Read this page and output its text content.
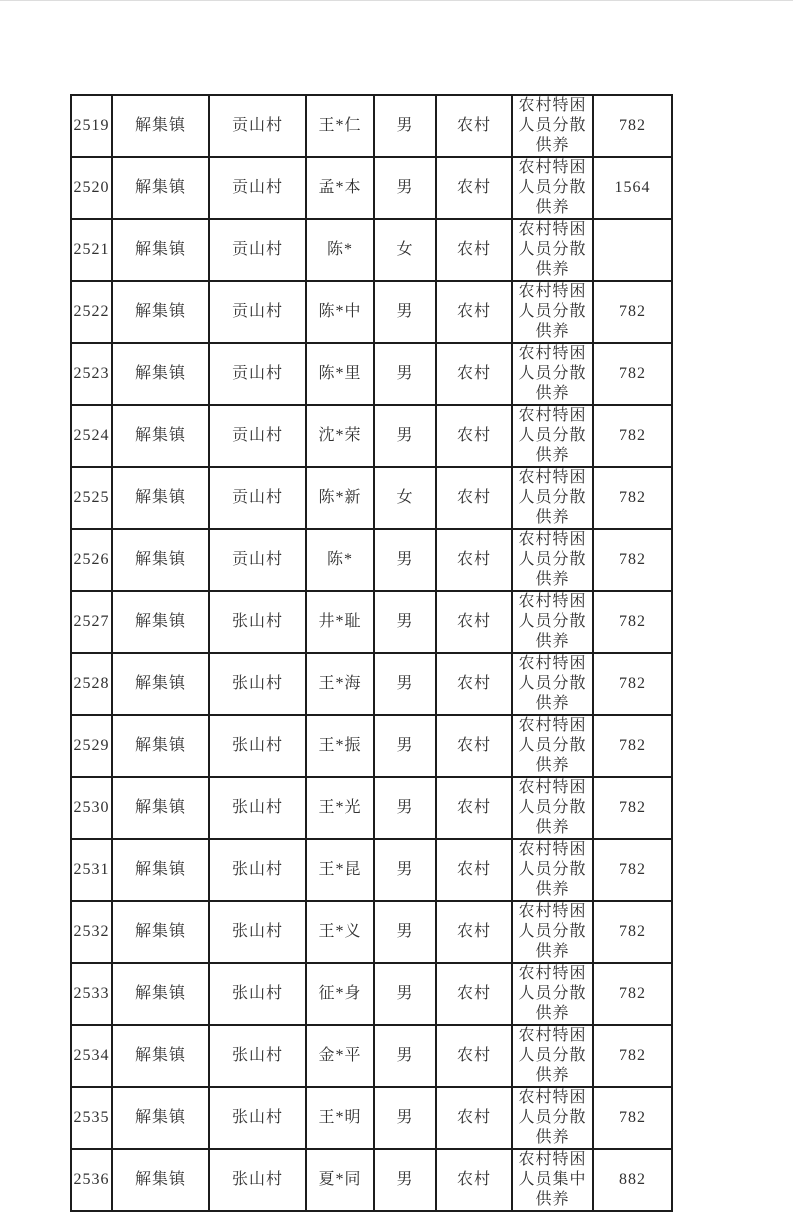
2519	解集镇	贡山村	王*仁	男	农村	农村特困人员分散供养	782
2520	解集镇	贡山村	孟*本	男	农村	农村特困人员分散供养	1564
2521	解集镇	贡山村	陈*	女	农村	农村特困人员分散供养	
2522	解集镇	贡山村	陈*中	男	农村	农村特困人员分散供养	782
2523	解集镇	贡山村	陈*里	男	农村	农村特困人员分散供养	782
2524	解集镇	贡山村	沈*荣	男	农村	农村特困人员分散供养	782
2525	解集镇	贡山村	陈*新	女	农村	农村特困人员分散供养	782
2526	解集镇	贡山村	陈*	男	农村	农村特困人员分散供养	782
2527	解集镇	张山村	井*耻	男	农村	农村特困人员分散供养	782
2528	解集镇	张山村	王*海	男	农村	农村特困人员分散供养	782
2529	解集镇	张山村	王*振	男	农村	农村特困人员分散供养	782
2530	解集镇	张山村	王*光	男	农村	农村特困人员分散供养	782
2531	解集镇	张山村	王*昆	男	农村	农村特困人员分散供养	782
2532	解集镇	张山村	王*义	男	农村	农村特困人员分散供养	782
2533	解集镇	张山村	征*身	男	农村	农村特困人员分散供养	782
2534	解集镇	张山村	金*平	男	农村	农村特困人员分散供养	782
2535	解集镇	张山村	王*明	男	农村	农村特困人员分散供养	782
2536	解集镇	张山村	夏*同	男	农村	农村特困人员集中供养	882
